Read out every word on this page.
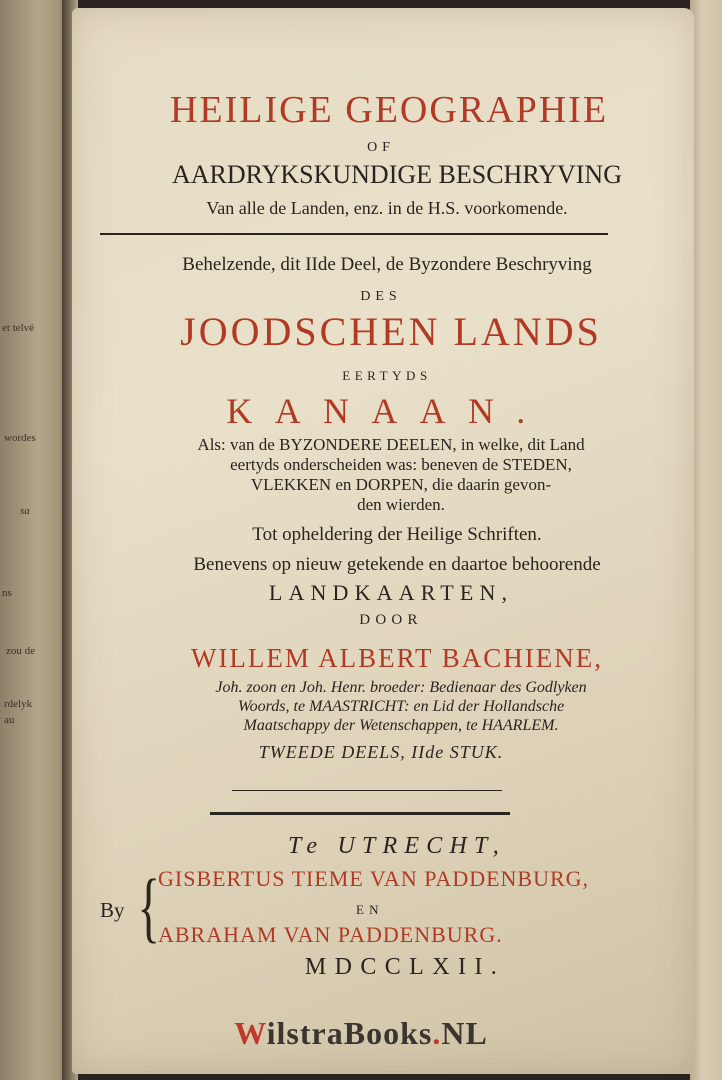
et telvé
wordes
sa
ns
zou de
rdelyk
au
HEILIGE GEOGRAPHIE
OF
AARDRYKSKUNDIGE BESCHRYVING
Van alle de Landen, enz. in de H.S. voorkomende.
Behelzende, dit IIde Deel, de Byzondere Beschryving
DES
JOODSCHEN LANDS
EERTYDS
KANAAN.
Als: van de BYZONDERE DEELEN, in welke, dit Land
eertyds onderscheiden was: beneven de STEDEN,
VLEKKEN en DORPEN, die daarin gevon-
den wierden.
Tot opheldering der Heilige Schriften.
Benevens op nieuw getekende en daartoe behoorende
LANDKAARTEN,
DOOR
WILLEM ALBERT BACHIENE,
Joh. zoon en Joh. Henr. broeder: Bedienaar des Godlyken
Woords, te MAASTRICHT: en Lid der Hollandsche
Maatschappy der Wetenschappen, te HAARLEM.
TWEEDE DEELS, IIde STUK.
Te UTRECHT,
By {
GISBERTUS TIEME VAN PADDENBURG,
EN
ABRAHAM VAN PADDENBURG.
MDCCLXII.
WilstraBooks.NL
